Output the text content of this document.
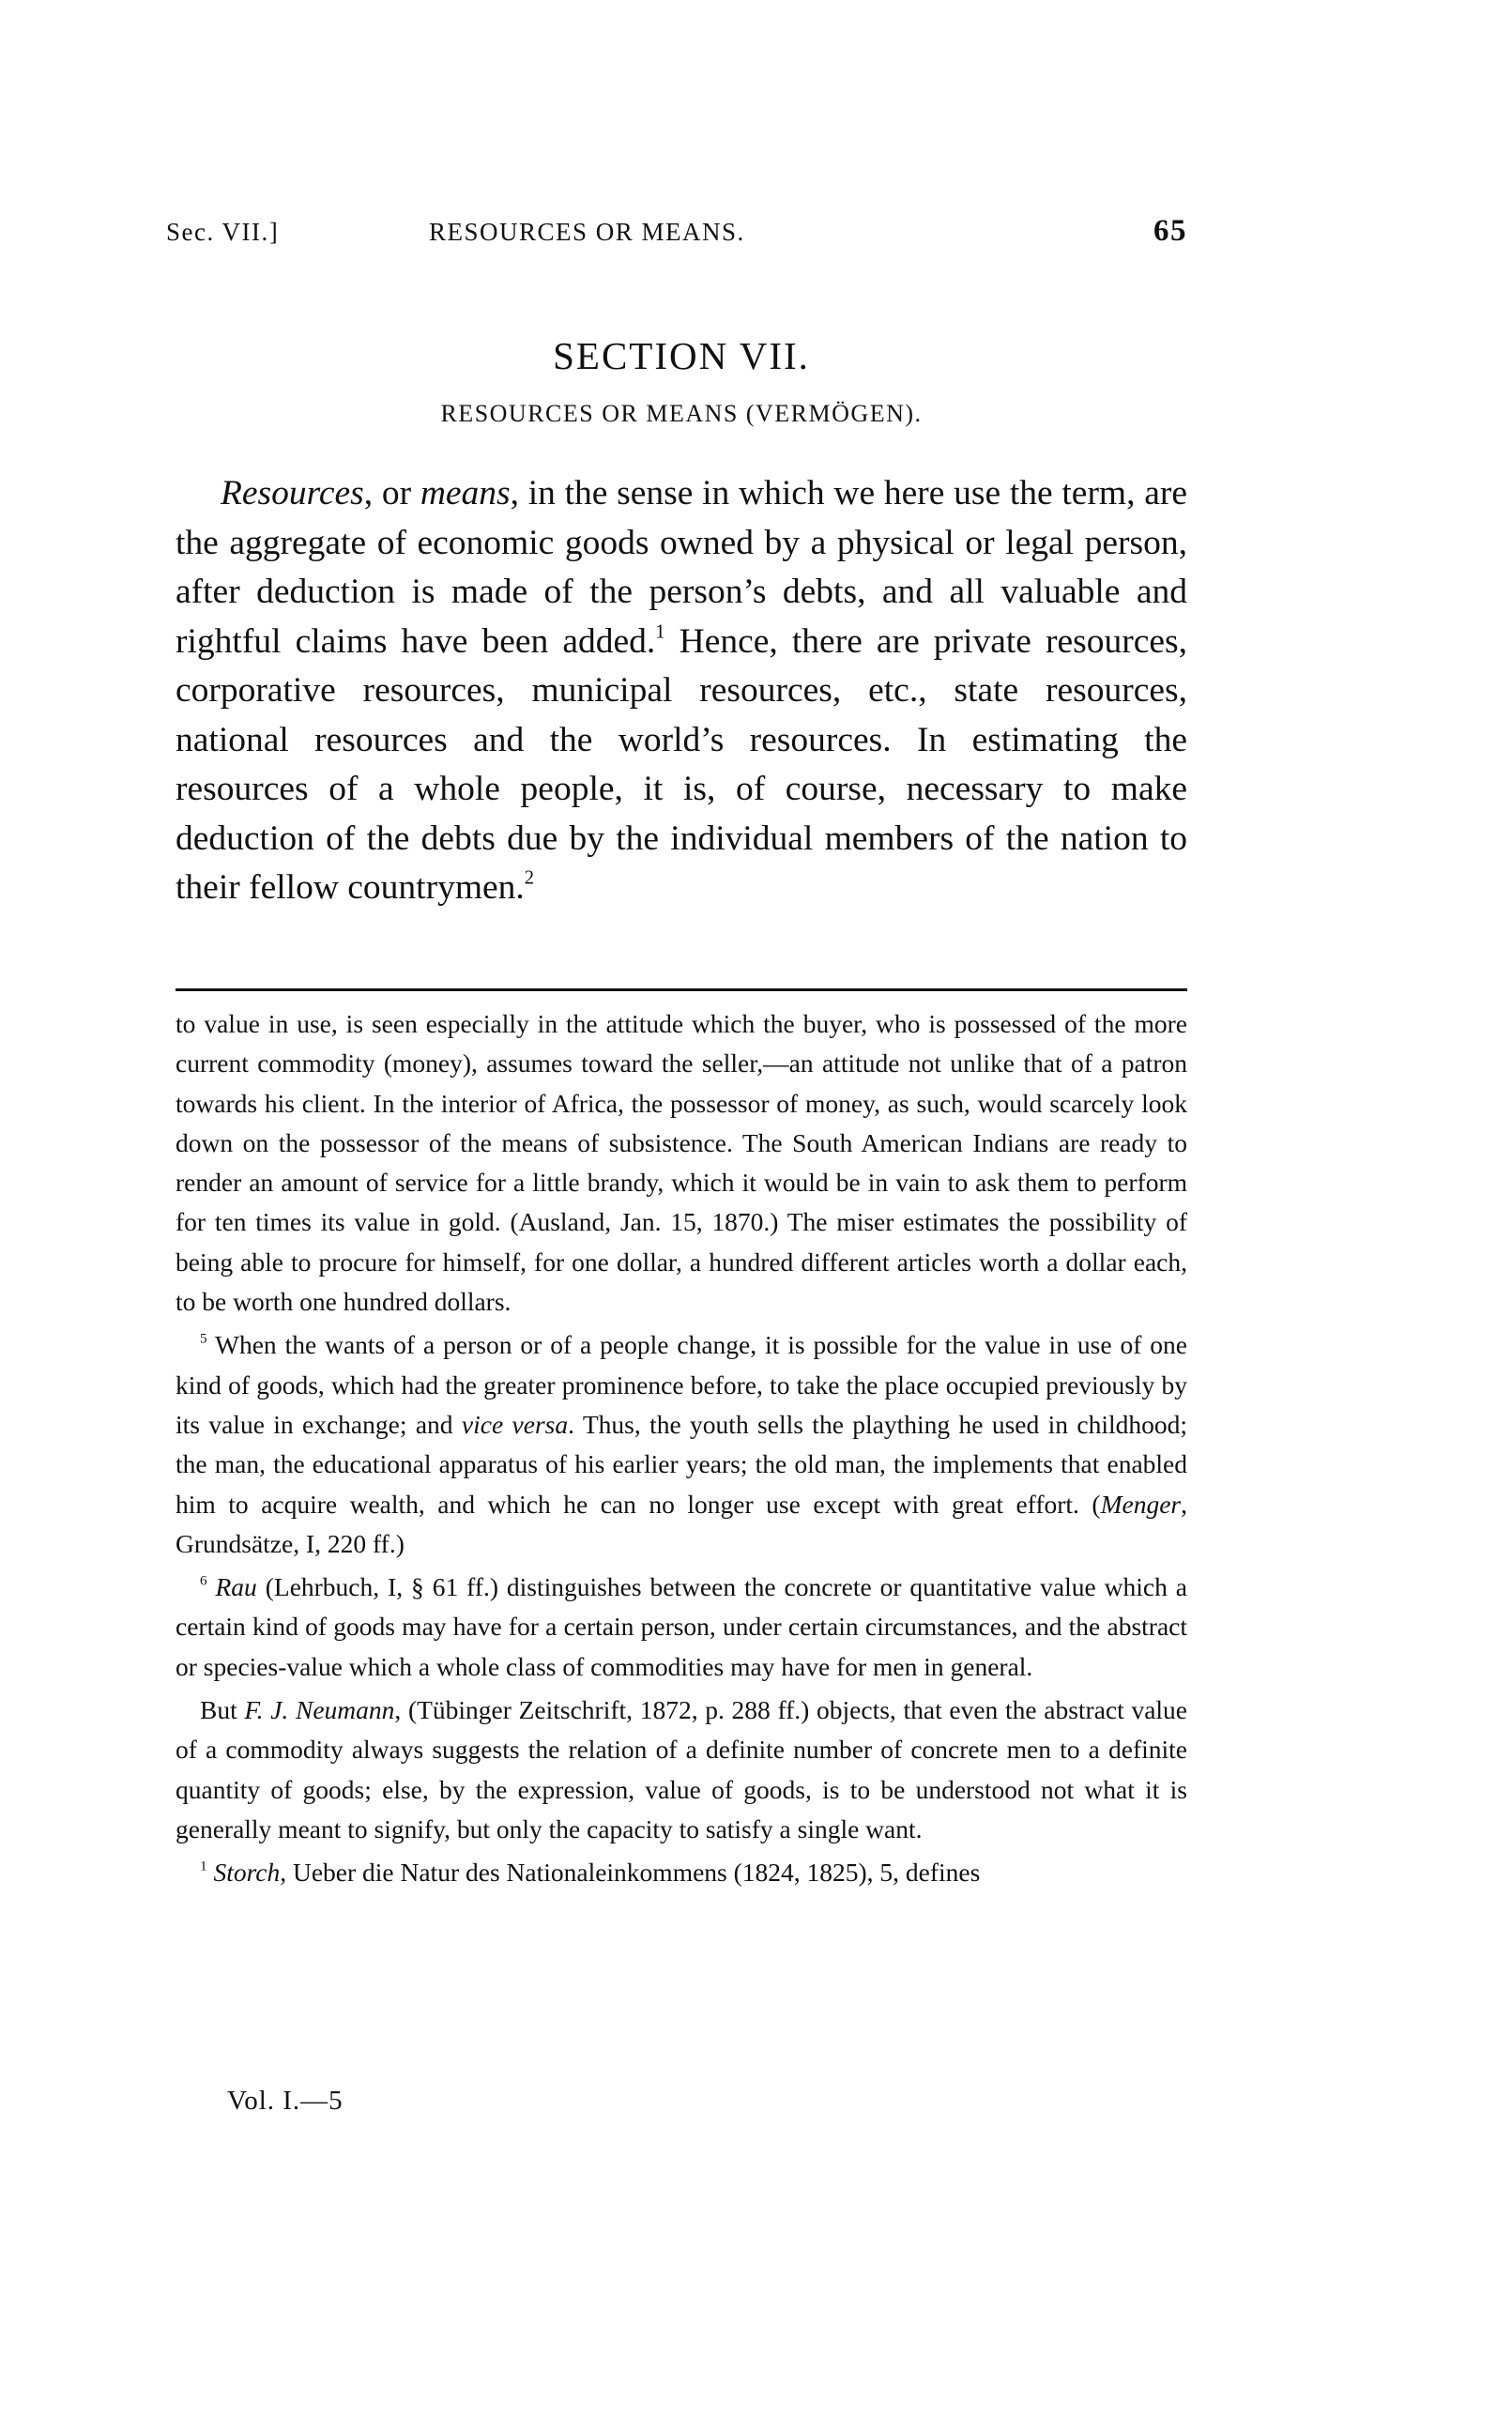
Sec. VII.]	RESOURCES OR MEANS.	65
SECTION VII.
RESOURCES OR MEANS (VERMÖGEN).

Resources, or means, in the sense in which we here use the term, are the aggregate of economic goods owned by a physical or legal person, after deduction is made of the person’s debts, and all valuable and rightful claims have been added.$^1$ Hence, there are private resources, corporative resources, municipal resources, etc., state resources, national resources and the world’s resources. In estimating the resources of a whole people, it is, of course, necessary to make deduction of the debts due by the individual members of the nation to their fellow countrymen.$^2$

to value in use, is seen especially in the attitude which the buyer, who is possessed of the more current commodity (money), assumes toward the seller,—an attitude not unlike that of a patron towards his client. In the interior of Africa, the possessor of money, as such, would scarcely look down on the possessor of the means of subsistence. The South American Indians are ready to render an amount of service for a little brandy, which it would be in vain to ask them to perform for ten times its value in gold. (Ausland, Jan. 15, 1870.) The miser estimates the possibility of being able to procure for himself, for one dollar, a hundred different articles worth a dollar each, to be worth one hundred dollars.

$^5$ When the wants of a person or of a people change, it is possible for the value in use of one kind of goods, which had the greater prominence before, to take the place occupied previously by its value in exchange; and vice versa. Thus, the youth sells the plaything he used in childhood; the man, the educational apparatus of his earlier years; the old man, the implements that enabled him to acquire wealth, and which he can no longer use except with great effort. (Menger, Grundsätze, I, 220 ff.)

$^6$ Rau (Lehrbuch, I, § 61 ff.) distinguishes between the concrete or quantitative value which a certain kind of goods may have for a certain person, under certain circumstances, and the abstract or species-value which a whole class of commodities may have for men in general.

But F. J. Neumann, (Tübinger Zeitschrift, 1872, p. 288 ff.) objects, that even the abstract value of a commodity always suggests the relation of a definite number of concrete men to a definite quantity of goods; else, by the expression, value of goods, is to be understood not what it is generally meant to signify, but only the capacity to satisfy a single want.

$^1$ Storch, Ueber die Natur des Nationaleinkommens (1824, 1825), 5, defines

Vol. I.—5
